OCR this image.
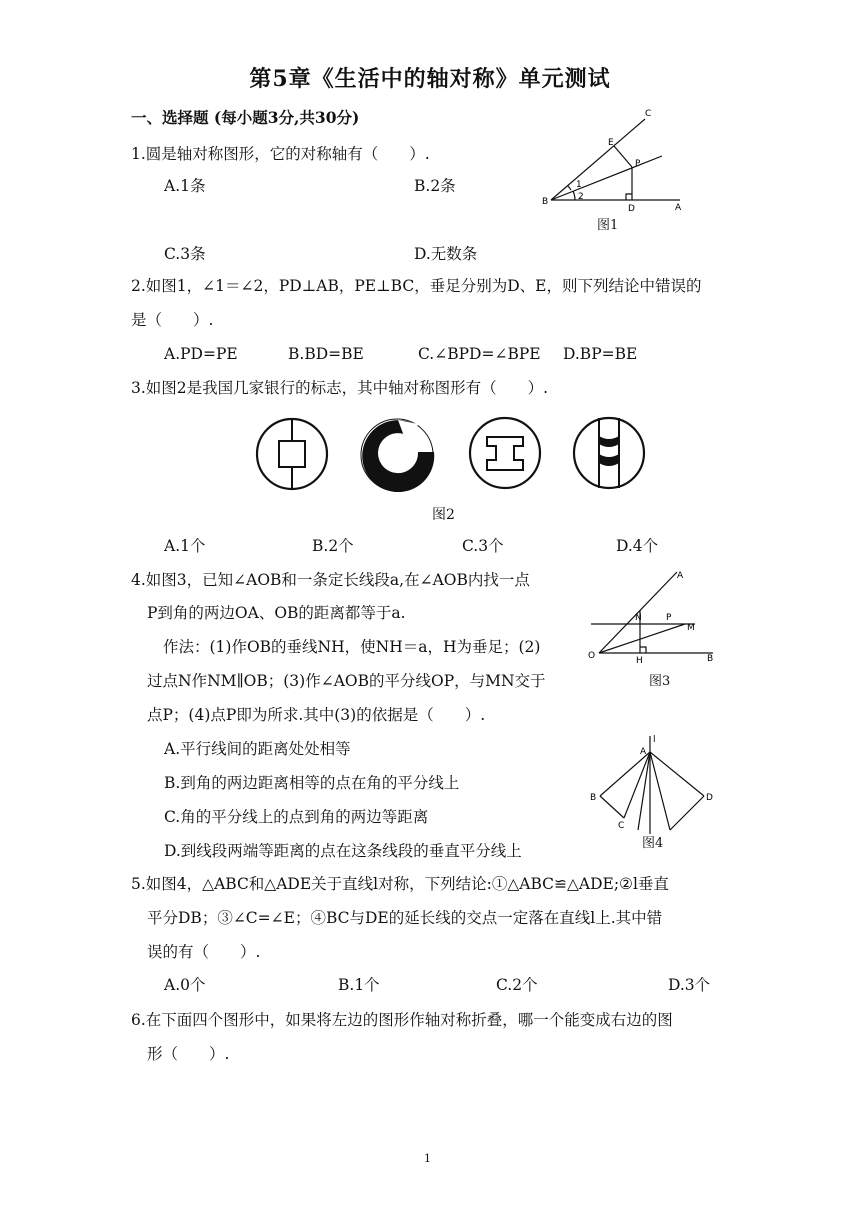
第5章《生活中的轴对称》单元测试
一、选择题 (每小题3分,共30分)
1.圆是轴对称图形，它的对称轴有（　　）.
A.1条	B.2条
C.3条	D.无数条
C
E
P
B
D	A
1
2
图1
2.如图1，∠1＝∠2，PD⊥AB，PE⊥BC，垂足分别为D、E，则下列结论中错误的
是（　　）.
A.PD=PE	B.BD=BE	C.∠BPD=∠BPE D.BP=BE
3.如图2是我国几家银行的标志，其中轴对称图形有（　　）.
图2
A.1个	B.2个	C.3个	D.4个
4.如图3，已知∠AOB和一条定长线段a,在∠AOB内找一点
P到角的两边OA、OB的距离都等于a.
作法：(1)作OB的垂线NH，使NH＝a，H为垂足；(2)
过点N作NM∥OB；(3)作∠AOB的平分线OP，与MN交于
点P；(4)点P即为所求.其中(3)的依据是（　　）.
A.平行线间的距离处处相等
B.到角的两边距离相等的点在角的平分线上
C.角的平分线上的点到角的两边等距离
D.到线段两端等距离的点在这条线段的垂直平分线上
A
N	P
M
O	H	B
图3
l
A
B
C
D
图4
5.如图4，△ABC和△ADE关于直线l对称，下列结论:①△ABC≌△ADE;②l垂直
平分DB；③∠C=∠E；④BC与DE的延长线的交点一定落在直线l上.其中错
误的有（　　）.
A.0个	B.1个	C.2个	D.3个
6.在下面四个图形中，如果将左边的图形作轴对称折叠，哪一个能变成右边的图
形（　　）.
1
